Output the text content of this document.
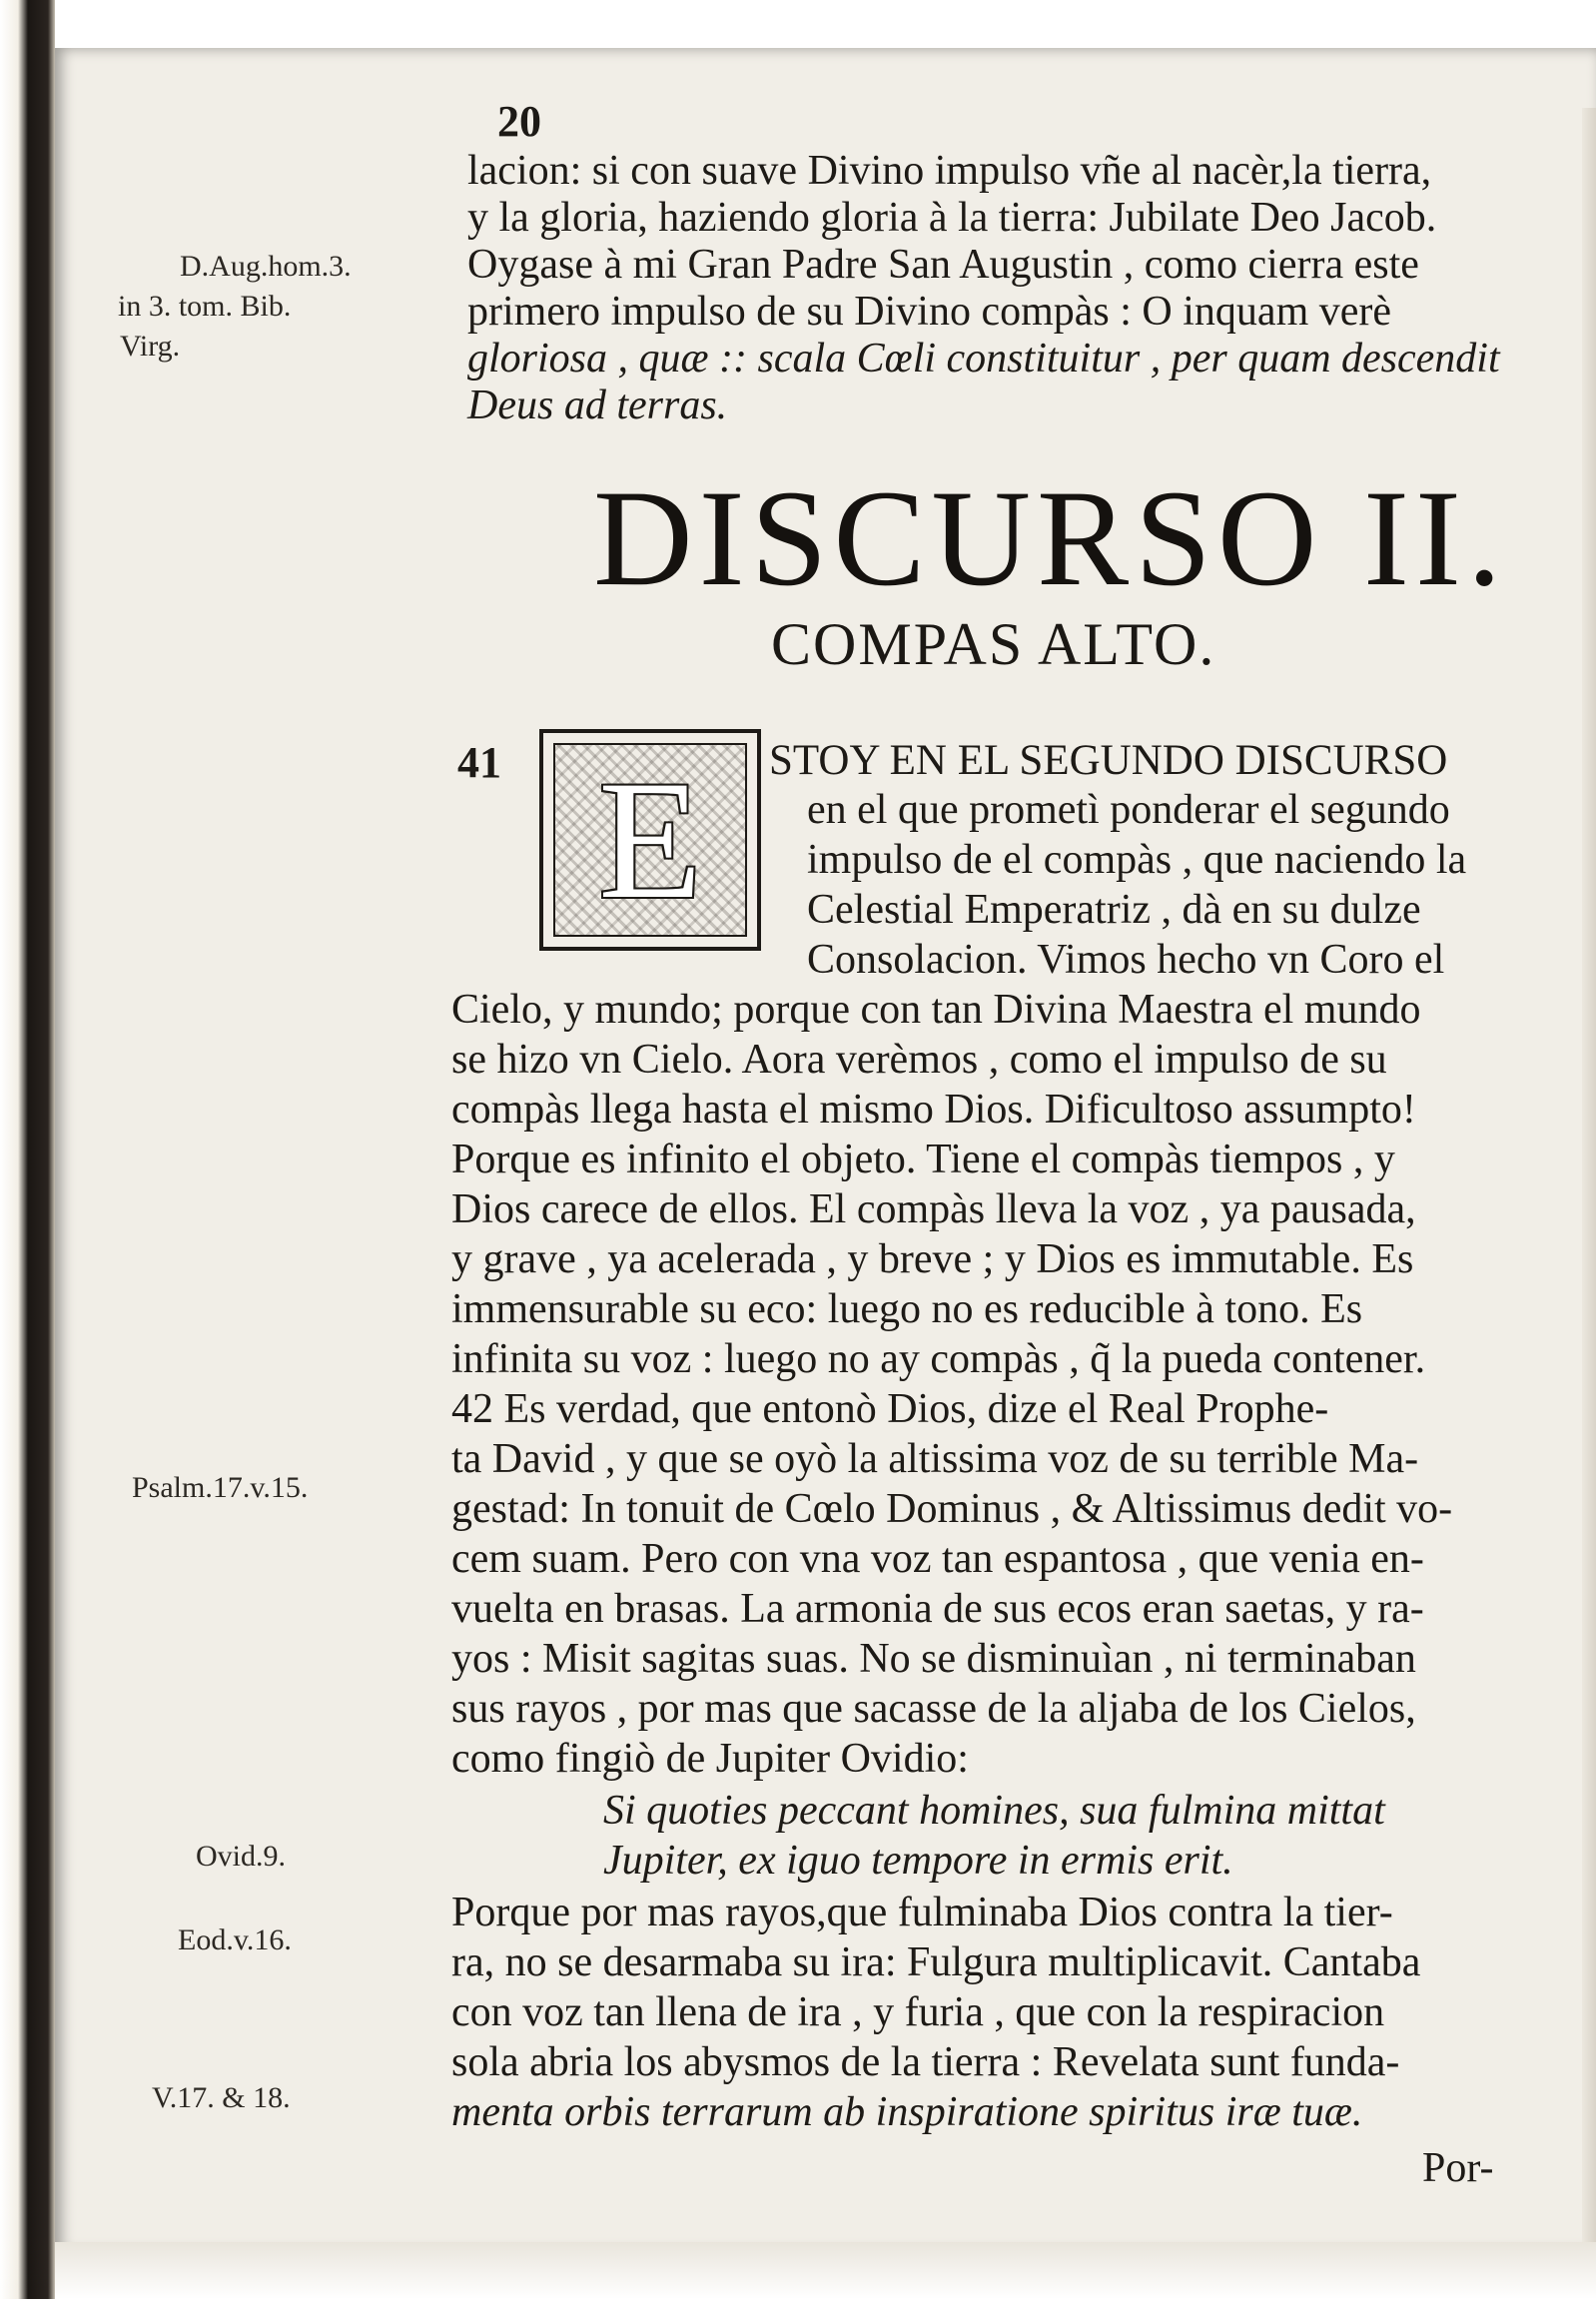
20
lacion: si con suave Divino impulso vñe al nacèr,la tierra,
y la gloria, haziendo gloria à la tierra: Jubilate Deo Jacob.
Oygase à mi Gran Padre San Augustin , como cierra este
primero impulso de su Divino compàs : O inquam verè
gloriosa , quæ :: scala Cœli constituitur , per quam descendit
Deus ad terras.
D.Aug.hom.3.
in 3. tom. Bib.
Virg.
DISCURSO II.
COMPAS ALTO.
41 E STOY EN EL SEGUNDO DISCURSO
en el que prometì ponderar el segundo
impulso de el compàs , que naciendo la
Celestial Emperatriz , dà en su dulze
Consolacion. Vimos hecho vn Coro el
Cielo, y mundo; porque con tan Divina Maestra el mundo
se hizo vn Cielo. Aora verèmos , como el impulso de su
compàs llega hasta el mismo Dios. Dificultoso assumpto!
Porque es infinito el objeto. Tiene el compàs tiempos , y
Dios carece de ellos. El compàs lleva la voz , ya pausada,
y grave , ya acelerada , y breve ; y Dios es immutable. Es
immensurable su eco: luego no es reducible à tono. Es
infinita su voz : luego no ay compàs , q̃ la pueda contener.
42 Es verdad, que entonò Dios, dize el Real Prophe-
ta David , y que se oyò la altissima voz de su terrible Ma-
gestad: In tonuit de Cœlo Dominus , & Altissimus dedit vo-
cem suam. Pero con vna voz tan espantosa , que venia en-
vuelta en brasas. La armonia de sus ecos eran saetas, y ra-
yos : Misit sagitas suas. No se disminuìan , ni terminaban
sus rayos , por mas que sacasse de la aljaba de los Cielos,
como fingiò de Jupiter Ovidio:
Si quoties peccant homines, sua fulmina mittat
Jupiter, ex iguo tempore in ermis erit.
Porque por mas rayos,que fulminaba Dios contra la tier-
ra, no se desarmaba su ira: Fulgura multiplicavit. Cantaba
con voz tan llena de ira , y furia , que con la respiracion
sola abria los abysmos de la tierra : Revelata sunt funda-
menta orbis terrarum ab inspiratione spiritus iræ tuæ.
Por-
Psalm.17.v.15.
Ovid.9.
Eod.v.16.
V.17. & 18.
